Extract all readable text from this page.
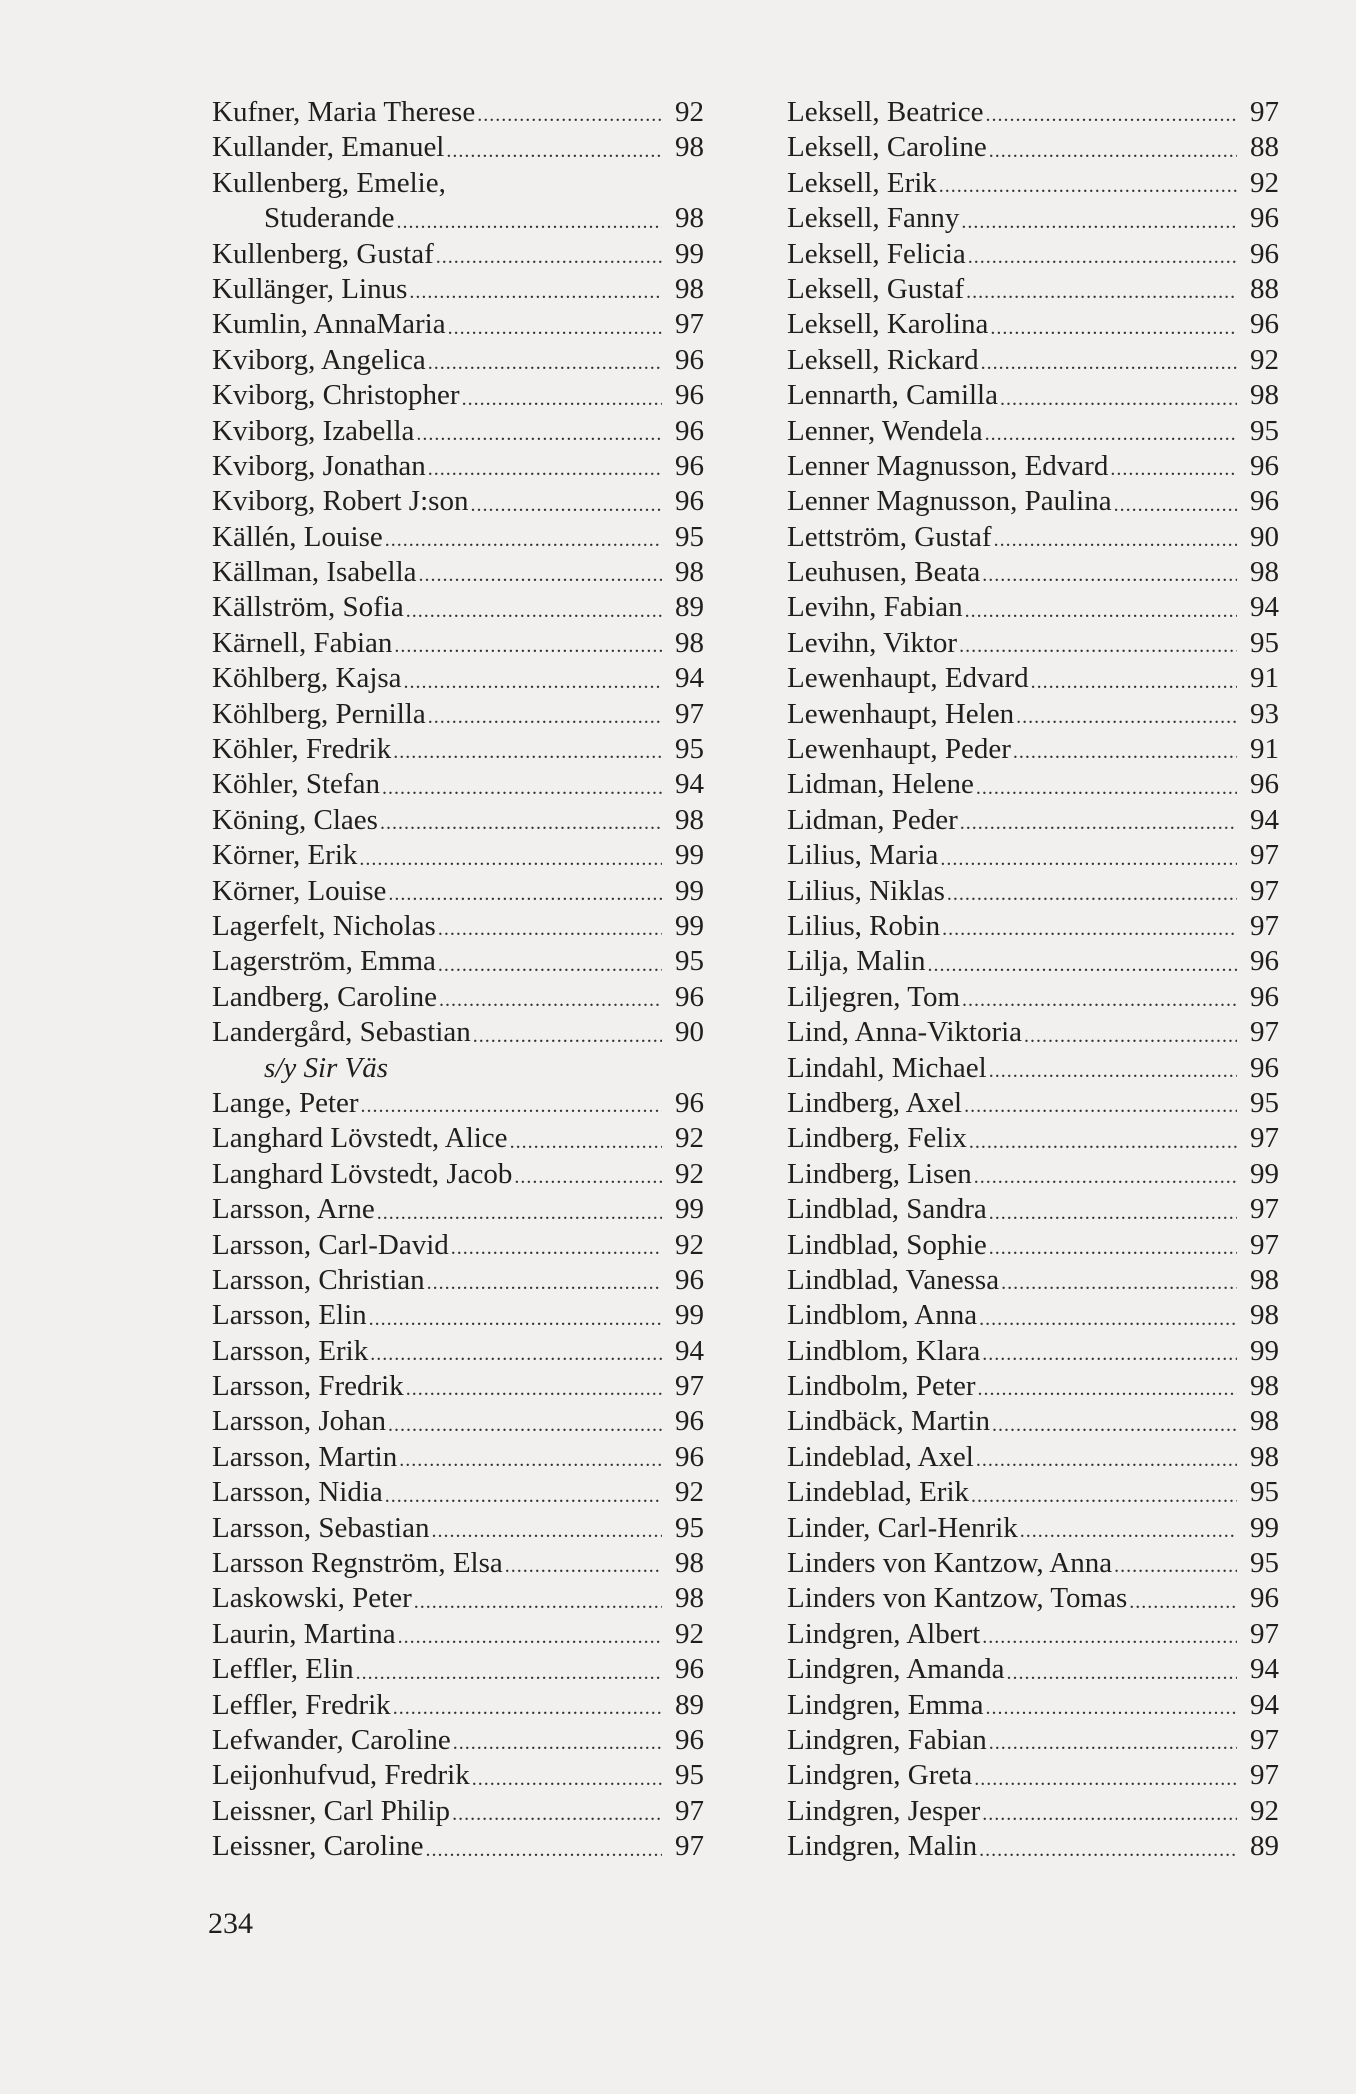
Kufner, Maria Therese .....	92
Kullander, Emanuel .....	98
Kullenberg, Emelie,
Studerande .....	98
Kullenberg, Gustaf .....	99
Kullänger, Linus .....	98
Kumlin, AnnaMaria .....	97
Kviborg, Angelica .....	96
Kviborg, Christopher .....	96
Kviborg, Izabella .....	96
Kviborg, Jonathan .....	96
Kviborg, Robert J:son .....	96
Källén, Louise .....	95
Källman, Isabella .....	98
Källström, Sofia .....	89
Kärnell, Fabian .....	98
Köhlberg, Kajsa .....	94
Köhlberg, Pernilla .....	97
Köhler, Fredrik .....	95
Köhler, Stefan .....	94
Köning, Claes .....	98
Körner, Erik .....	99
Körner, Louise .....	99
Lagerfelt, Nicholas .....	99
Lagerström, Emma .....	95
Landberg, Caroline .....	96
Landergård, Sebastian .....	90
s/y Sir Väs
Lange, Peter .....	96
Langhard Lövstedt, Alice .....	92
Langhard Lövstedt, Jacob .....	92
Larsson, Arne .....	99
Larsson, Carl-David .....	92
Larsson, Christian .....	96
Larsson, Elin .....	99
Larsson, Erik .....	94
Larsson, Fredrik .....	97
Larsson, Johan .....	96
Larsson, Martin .....	96
Larsson, Nidia .....	92
Larsson, Sebastian .....	95
Larsson Regnström, Elsa .....	98
Laskowski, Peter .....	98
Laurin, Martina .....	92
Leffler, Elin .....	96
Leffler, Fredrik .....	89
Lefwander, Caroline .....	96
Leijonhufvud, Fredrik .....	95
Leissner, Carl Philip .....	97
Leissner, Caroline .....	97
Leksell, Beatrice .....	97
Leksell, Caroline .....	88
Leksell, Erik .....	92
Leksell, Fanny .....	96
Leksell, Felicia .....	96
Leksell, Gustaf .....	88
Leksell, Karolina .....	96
Leksell, Rickard .....	92
Lennarth, Camilla .....	98
Lenner, Wendela .....	95
Lenner Magnusson, Edvard .....	96
Lenner Magnusson, Paulina .....	96
Lettström, Gustaf .....	90
Leuhusen, Beata .....	98
Levihn, Fabian .....	94
Levihn, Viktor .....	95
Lewenhaupt, Edvard .....	91
Lewenhaupt, Helen .....	93
Lewenhaupt, Peder .....	91
Lidman, Helene .....	96
Lidman, Peder .....	94
Lilius, Maria .....	97
Lilius, Niklas .....	97
Lilius, Robin .....	97
Lilja, Malin .....	96
Liljegren, Tom .....	96
Lind, Anna-Viktoria .....	97
Lindahl, Michael .....	96
Lindberg, Axel .....	95
Lindberg, Felix .....	97
Lindberg, Lisen .....	99
Lindblad, Sandra .....	97
Lindblad, Sophie .....	97
Lindblad, Vanessa .....	98
Lindblom, Anna .....	98
Lindblom, Klara .....	99
Lindbolm, Peter .....	98
Lindbäck, Martin .....	98
Lindeblad, Axel .....	98
Lindeblad, Erik .....	95
Linder, Carl-Henrik .....	99
Linders von Kantzow, Anna .....	95
Linders von Kantzow, Tomas .....	96
Lindgren, Albert .....	97
Lindgren, Amanda .....	94
Lindgren, Emma .....	94
Lindgren, Fabian .....	97
Lindgren, Greta .....	97
Lindgren, Jesper .....	92
Lindgren, Malin .....	89
234
